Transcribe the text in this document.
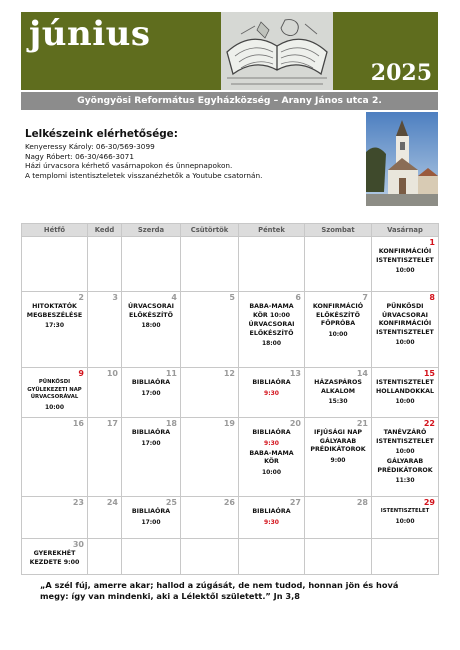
június
2025
Gyöngyösi Református Egyházközség – Arany János utca 2.
Lelkészeink elérhetősége:
Kenyeressy Károly: 06-30/569-3099
Nagy Róbert: 06-30/466-3071
Házi úrvacsora kérhető vasárnapokon és ünnepnapokon.
A templomi istentiszteletek visszanézhetők a Youtube csatornán.
Hétfő	Kedd	Szerda	Csütörtök	Péntek	Szombat	Vasárnap

						1
KONFIRMÁCIÓI ISTENTISZTELET
10:00

2
HITOKTATÓK MEGBESZÉLÉSE
17:30	3	4
ÚRVACSORAI ELŐKÉSZÍTŐ
18:00	5	6
BABA-MAMA KÖR 10:00
ÚRVACSORAI ELŐKÉSZÍTŐ
18:00	7
KONFIRMÁCIÓ ELŐKÉSZÍTŐ FŐPRÓBA
10:00	8
PÜNKÖSDI ÚRVACSORAI KONFIRMÁCIÓI ISTENTISZTELET
10:00

9
PÜNKÖSDI GYÜLEKEZETI NAP ÚRVACSORÁVAL
10:00	10	11
BIBLIAÓRA
17:00	12	13
BIBLIAÓRA
9:30	14
HÁZASPÁROS ALKALOM
15:30	15
ISTENTISZTELET HOLLANDOKKAL
10:00

16	17	18
BIBLIAÓRA
17:00	19	20
BIBLIAÓRA
9:30
BABA-MAMA KÖR
10:00	21
IFJÚSÁGI NAP GÁLYARAB PRÉDIKÁTOROK
9:00	22
TANÉVZÁRÓ ISTENTISZTELET
10:00
GÁLYARAB PRÉDIKÁTOROK
11:30

23	24	25
BIBLIAÓRA
17:00	26	27
BIBLIAÓRA
9:30	28	29
ISTENTISZTELET
10:00

30
GYEREKHÉT KEZDETE 9:00						

„A szél fúj, amerre akar; hallod a zúgását, de nem tudod, honnan jön és hová megy: így van mindenki, aki a Lélektől született.” Jn 3,8
